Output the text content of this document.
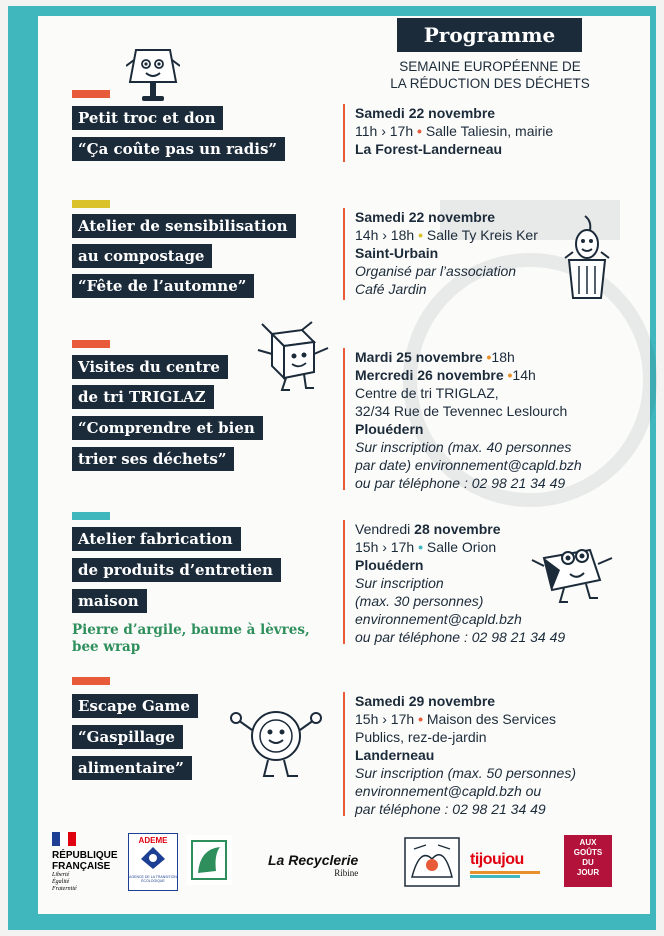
Programme
SEMAINE EUROPÉENNE DE
LA RÉDUCTION DES DÉCHETS
Petit troc et don
“Ça coûte pas un radis”
Samedi 22 novembre
11h › 17h • Salle Taliesin, mairie
La Forest-Landerneau
Atelier de sensibilisation
au compostage
“Fête de l’automne”
Samedi 22 novembre
14h › 18h • Salle Ty Kreis Ker
Saint-Urbain
Organisé par l’association
Café Jardin
Visites du centre
de tri TRIGLAZ
“Comprendre et bien
trier ses déchets”
Mardi 25 novembre •18h
Mercredi 26 novembre •14h
Centre de tri TRIGLAZ,
32/34 Rue de Tevennec Leslourch
Plouédern
Sur inscription (max. 40 personnes
par date) environnement@capld.bzh
ou par téléphone : 02 98 21 34 49
Atelier fabrication
de produits d’entretien
maison
Pierre d’argile, baume à lèvres,
bee wrap
Vendredi 28 novembre
15h › 17h • Salle Orion
Plouédern
Sur inscription
(max. 30 personnes)
environnement@capld.bzh
ou par téléphone : 02 98 21 34 49
Escape Game
“Gaspillage
alimentaire”
Samedi 29 novembre
15h › 17h • Maison des Services
Publics, rez-de-jardin
Landerneau
Sur inscription (max. 50 personnes)
environnement@capld.bzh ou
par téléphone : 02 98 21 34 49
RÉPUBLIQUE
FRANÇAISE
Liberté
Égalité
Fraternité
ADEME
AGENCE DE LA TRANSITION ÉCOLOGIQUE
La Recyclerie
Ribine
tijoujou
AUX
GOÛTS
DU
JOUR
